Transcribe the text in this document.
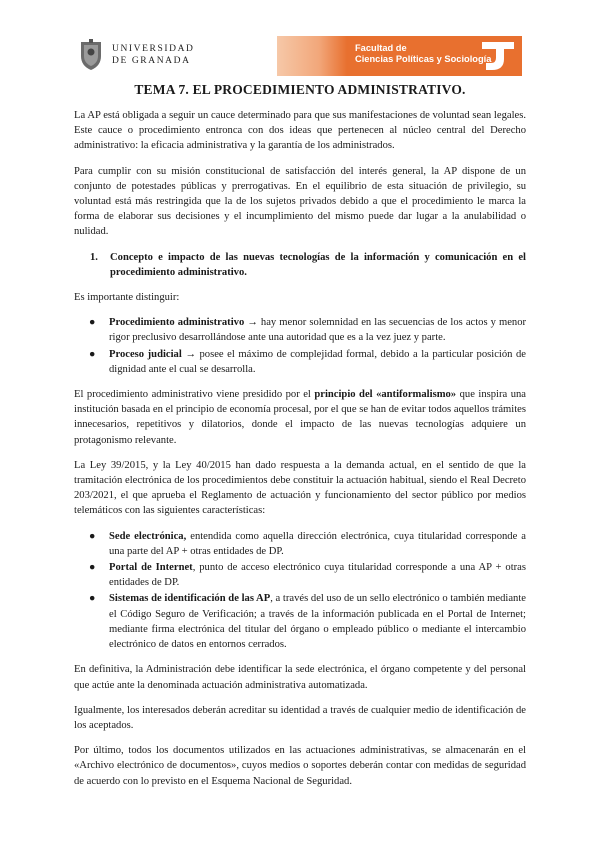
UNIVERSIDAD
DE GRANADA
Facultad de
Ciencias Políticas y Sociología
TEMA 7. EL PROCEDIMIENTO ADMINISTRATIVO.

La AP está obligada a seguir un cauce determinado para que sus manifestaciones de voluntad sean legales. Este cauce o procedimiento entronca con dos ideas que pertenecen al núcleo central del Derecho administrativo: la eficacia administrativa y la garantía de los administrados.

Para cumplir con su misión constitucional de satisfacción del interés general, la AP dispone de un conjunto de potestades públicas y prerrogativas. En el equilibrio de esta situación de privilegio, su voluntad está más restringida que la de los sujetos privados debido a que el procedimiento le marca la forma de elaborar sus decisiones y el incumplimiento del mismo puede dar lugar a la anulabilidad o nulidad.

1.	Concepto e impacto de las nuevas tecnologías de la información y comunicación en el procedimiento administrativo.

Es importante distinguir:

● Procedimiento administrativo → hay menor solemnidad en las secuencias de los actos y menor rigor preclusivo desarrollándose ante una autoridad que es a la vez juez y parte.
● Proceso judicial → posee el máximo de complejidad formal, debido a la particular posición de dignidad ante el cual se desarrolla.

El procedimiento administrativo viene presidido por el principio del «antiformalismo» que inspira una institución basada en el principio de economía procesal, por el que se han de evitar todos aquellos trámites innecesarios, repetitivos y dilatorios, donde el impacto de las nuevas tecnologías adquiere un protagonismo relevante.

La Ley 39/2015, y la Ley 40/2015 han dado respuesta a la demanda actual, en el sentido de que la tramitación electrónica de los procedimientos debe constituir la actuación habitual, siendo el Real Decreto 203/2021, el que aprueba el Reglamento de actuación y funcionamiento del sector público por medios telemáticos con las siguientes características:

● Sede electrónica, entendida como aquella dirección electrónica, cuya titularidad corresponde a una parte del AP + otras entidades de DP.
● Portal de Internet, punto de acceso electrónico cuya titularidad corresponde a una AP + otras entidades de DP.
● Sistemas de identificación de las AP, a través del uso de un sello electrónico o también mediante el Código Seguro de Verificación; a través de la información publicada en el Portal de Internet; mediante firma electrónica del titular del órgano o empleado público o mediante el intercambio electrónico de datos en entornos cerrados.

En definitiva, la Administración debe identificar la sede electrónica, el órgano competente y del personal que actúe ante la denominada actuación administrativa automatizada.

Igualmente, los interesados deberán acreditar su identidad a través de cualquier medio de identificación de los aceptados.

Por último, todos los documentos utilizados en las actuaciones administrativas, se almacenarán en el «Archivo electrónico de documentos», cuyos medios o soportes deberán contar con medidas de seguridad de acuerdo con lo previsto en el Esquema Nacional de Seguridad.
